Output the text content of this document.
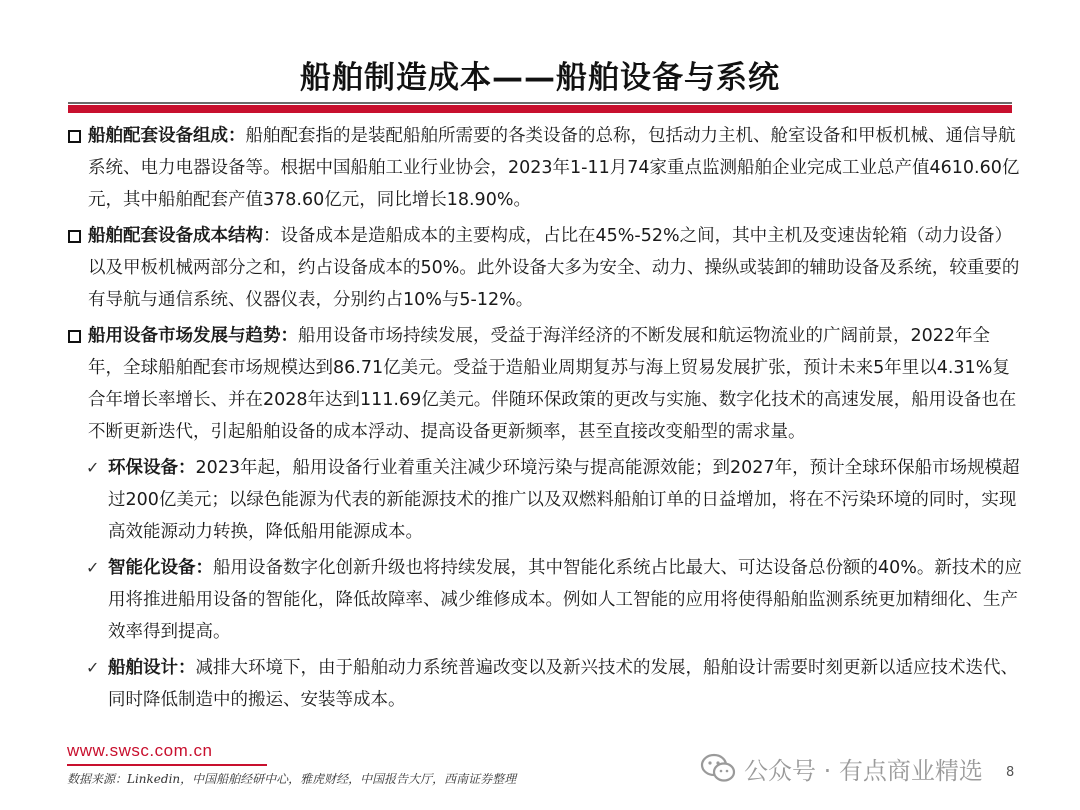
船舶制造成本——船舶设备与系统
船舶配套设备组成：船舶配套指的是装配船舶所需要的各类设备的总称，包括动力主机、舱室设备和甲板机械、通信导航系统、电力电器设备等。根据中国船舶工业行业协会，2023年1-11月74家重点监测船舶企业完成工业总产值4610.60亿元，其中船舶配套产值378.60亿元，同比增长18.90%。
船舶配套设备成本结构：设备成本是造船成本的主要构成，占比在45%-52%之间，其中主机及变速齿轮箱（动力设备）以及甲板机械两部分之和，约占设备成本的50%。此外设备大多为安全、动力、操纵或装卸的辅助设备及系统，较重要的有导航与通信系统、仪器仪表，分别约占10%与5-12%。
船用设备市场发展与趋势：船用设备市场持续发展，受益于海洋经济的不断发展和航运物流业的广阔前景，2022年全年，全球船舶配套市场规模达到86.71亿美元。受益于造船业周期复苏与海上贸易发展扩张，预计未来5年里以4.31%复合年增长率增长、并在2028年达到111.69亿美元。伴随环保政策的更改与实施、数字化技术的高速发展，船用设备也在不断更新迭代，引起船舶设备的成本浮动、提高设备更新频率，甚至直接改变船型的需求量。
✓ 环保设备：2023年起，船用设备行业着重关注减少环境污染与提高能源效能；到2027年，预计全球环保船市场规模超过200亿美元；以绿色能源为代表的新能源技术的推广以及双燃料船舶订单的日益增加，将在不污染环境的同时，实现高效能源动力转换，降低船用能源成本。
✓ 智能化设备：船用设备数字化创新升级也将持续发展，其中智能化系统占比最大、可达设备总份额的40%。新技术的应用将推进船用设备的智能化，降低故障率、减少维修成本。例如人工智能的应用将使得船舶监测系统更加精细化、生产效率得到提高。
✓ 船舶设计：减排大环境下，由于船舶动力系统普遍改变以及新兴技术的发展，船舶设计需要时刻更新以适应技术迭代、同时降低制造中的搬运、安装等成本。
www.swsc.com.cn
数据来源：Linkedin，中国船舶经研中心，雅虎财经，中国报告大厅，西南证券整理	公众号 · 有点商业精选 8
